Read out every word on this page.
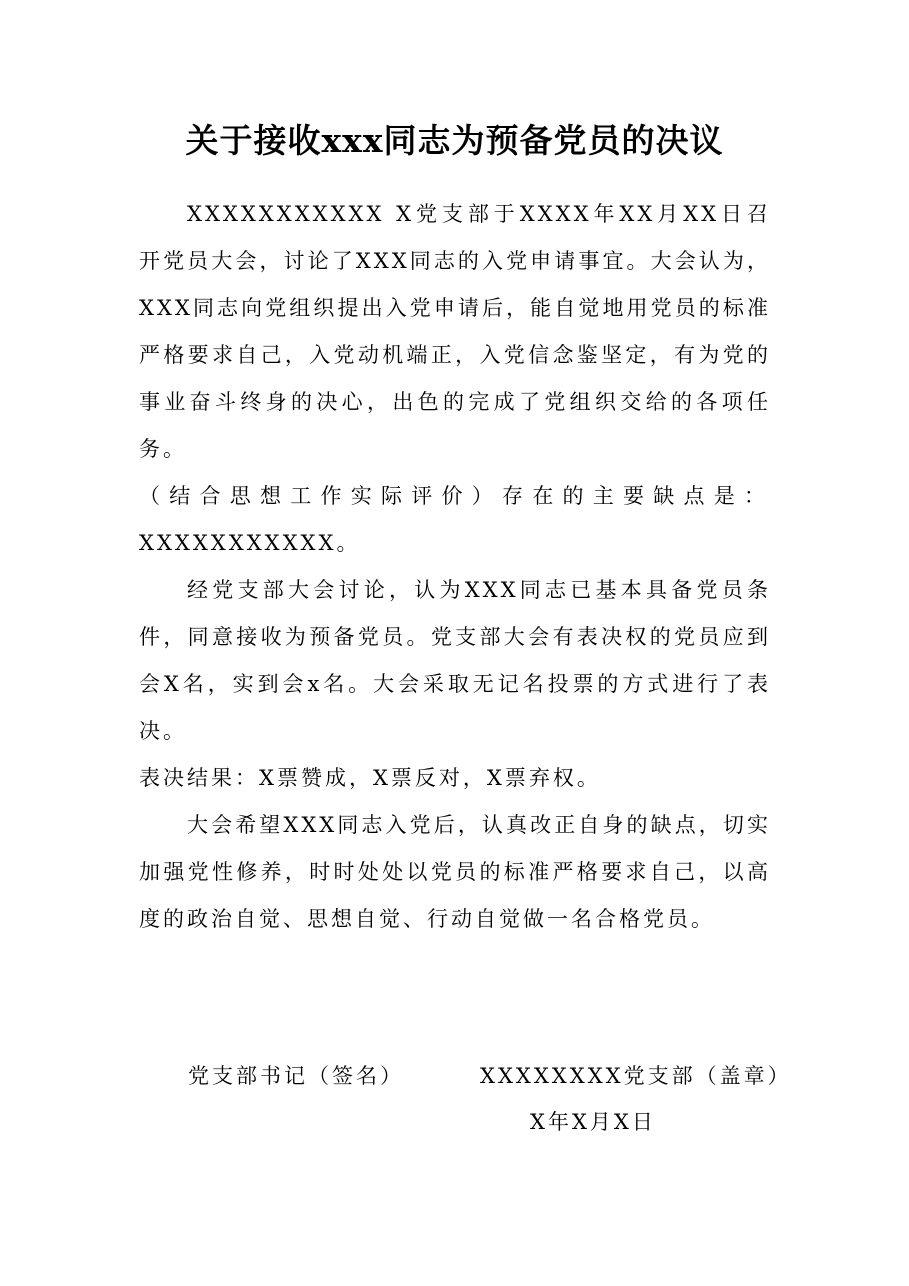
关于接收xxx同志为预备党员的决议

XXXXXXXXXXX X党支部于XXXX年XX月XX日召开党员大会，讨论了XXX同志的入党申请事宜。大会认为，XXX同志向党组织提出入党申请后，能自觉地用党员的标准严格要求自己，入党动机端正，入党信念鉴坚定，有为党的事业奋斗终身的决心，出色的完成了党组织交给的各项任务。

（结合思想工作实际评价）存在的主要缺点是：

XXXXXXXXXXX。

经党支部大会讨论，认为XXX同志已基本具备党员条件，同意接收为预备党员。党支部大会有表决权的党员应到会X名，实到会x名。大会采取无记名投票的方式进行了表决。

表决结果：X票赞成，X票反对，X票弃权。

大会希望XXX同志入党后，认真改正自身的缺点，切实加强党性修养，时时处处以党员的标准严格要求自己，以高度的政治自觉、思想自觉、行动自觉做一名合格党员。

党支部书记（签名）	XXXXXXXX党支部（盖章）
X年X月X日
